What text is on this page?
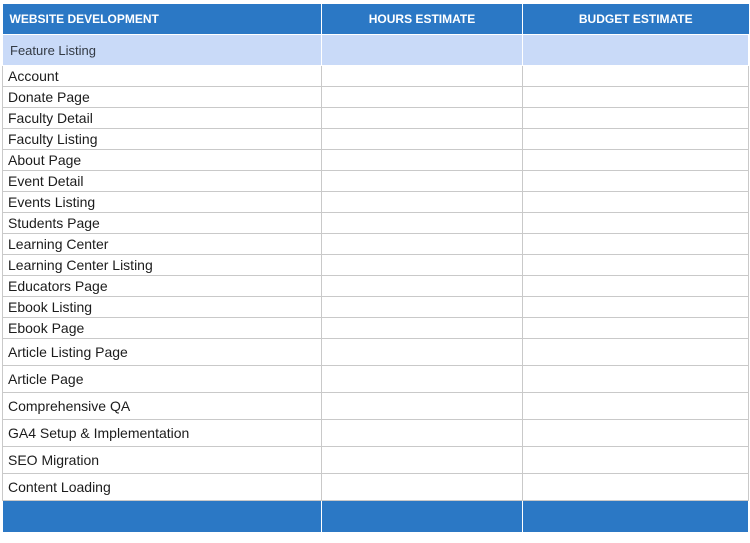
WEBSITE DEVELOPMENT	HOURS ESTIMATE	BUDGET ESTIMATE
Feature Listing		
Account		
Donate Page		
Faculty Detail		
Faculty Listing		
About Page		
Event Detail		
Events Listing		
Students Page		
Learning Center		
Learning Center Listing		
Educators Page		
Ebook Listing		
Ebook Page		
Article Listing Page		
Article Page		
Comprehensive QA		
GA4 Setup & Implementation		
SEO Migration		
Content Loading		
